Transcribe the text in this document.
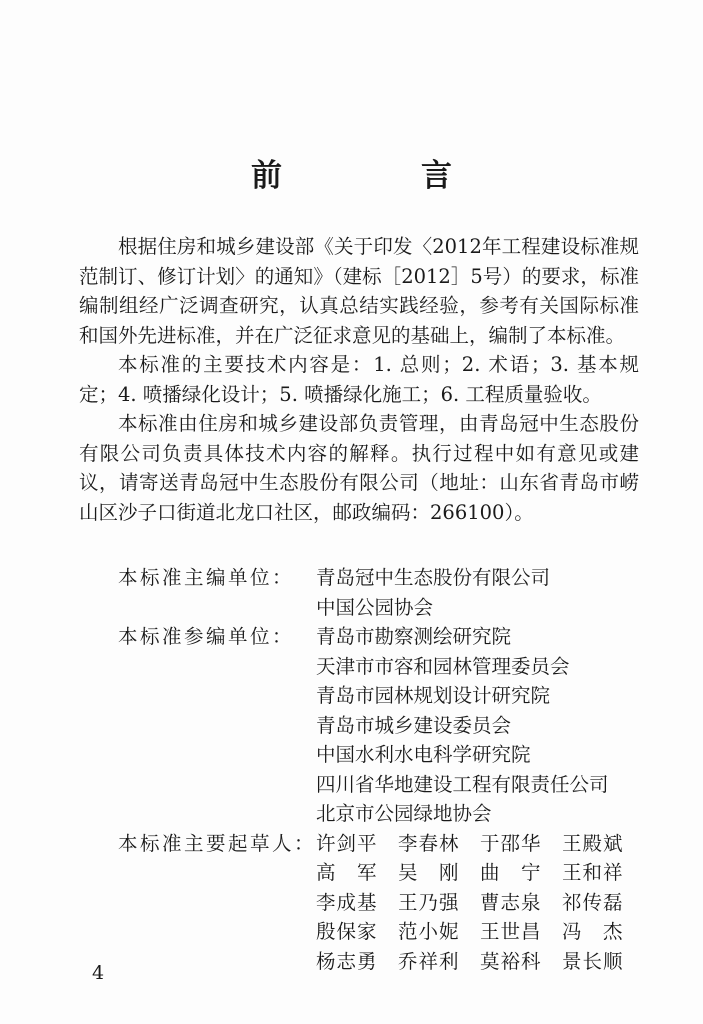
前　言

根据住房和城乡建设部《关于印发〈2012年工程建设标准规范制订、修订计划〉的通知》（建标［2012］5号）的要求，标准编制组经广泛调查研究，认真总结实践经验，参考有关国际标准和国外先进标准，并在广泛征求意见的基础上，编制了本标准。

本标准的主要技术内容是：1. 总则；2. 术语；3. 基本规定；4. 喷播绿化设计；5. 喷播绿化施工；6. 工程质量验收。

本标准由住房和城乡建设部负责管理，由青岛冠中生态股份有限公司负责具体技术内容的解释。执行过程中如有意见或建议，请寄送青岛冠中生态股份有限公司（地址：山东省青岛市崂山区沙子口街道北龙口社区，邮政编码：266100）。

本标准主编单位：	青岛冠中生态股份有限公司
中国公园协会
本标准参编单位：	青岛市勘察测绘研究院
天津市市容和园林管理委员会
青岛市园林规划设计研究院
青岛市城乡建设委员会
中国水利水电科学研究院
四川省华地建设工程有限责任公司
北京市公园绿地协会
本标准主要起草人： 许剑平	李春林	于邵华	王殿斌
高　军	吴　刚	曲　宁	王和祥
李成基	王乃强	曹志泉	祁传磊
殷保家	范小妮	王世昌	冯　杰
杨志勇	乔祥利	莫裕科	景长顺
4
